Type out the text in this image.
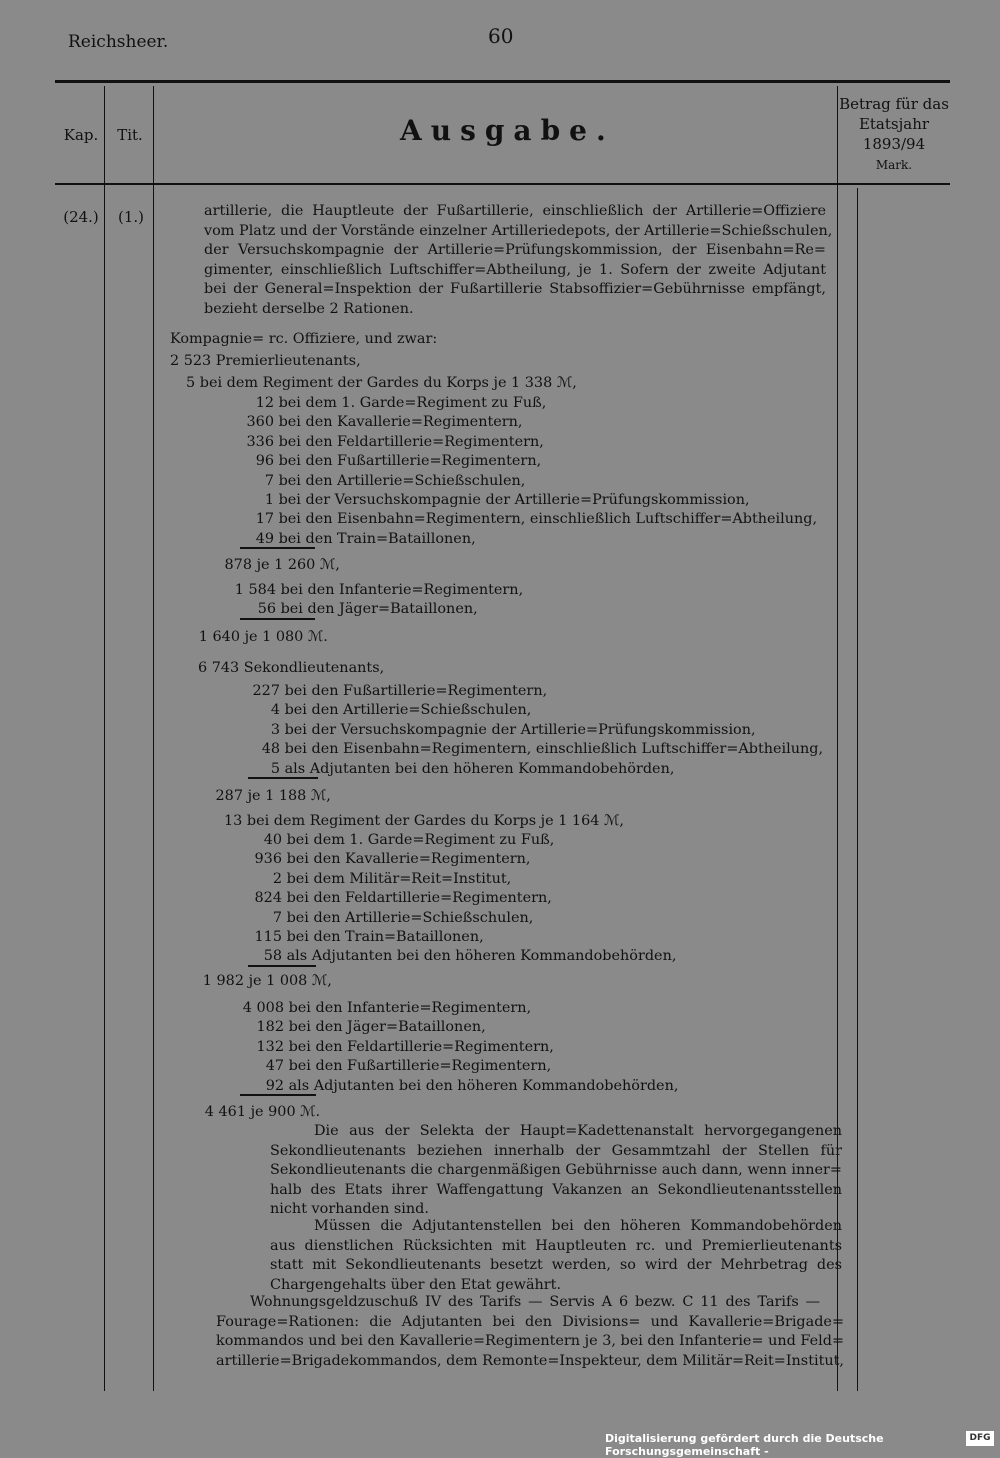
Reichsheer.	60
Kap.	Tit.	Ausgabe.
Betrag für das Etatsjahr 1893/94
Mark.
(24.)	(1.)	artillerie, die Hauptleute der Fußartillerie, einschließlich der Artillerie=Offiziere
vom Platz und der Vorstände einzelner Artilleriedepots, der Artillerie=Schießschulen,
der Versuchskompagnie der Artillerie=Prüfungskommission, der Eisenbahn=Re=
gimenter, einschließlich Luftschiffer=Abtheilung, je 1. Sofern der zweite Adjutant
bei der General=Inspektion der Fußartillerie Stabsoffizier=Gebührnisse empfängt,
bezieht derselbe 2 Rationen.
Kompagnie= rc. Offiziere, und zwar:
2 523 Premierlieutenants,
5 bei dem Regiment der Gardes du Korps je 1 338 ℳ,
12 bei dem 1. Garde=Regiment zu Fuß,
360 bei den Kavallerie=Regimentern,
336 bei den Feldartillerie=Regimentern,
96 bei den Fußartillerie=Regimentern,
7 bei den Artillerie=Schießschulen,
1 bei der Versuchskompagnie der Artillerie=Prüfungskommission,
17 bei den Eisenbahn=Regimentern, einschließlich Luftschiffer=Abtheilung,
49 bei den Train=Bataillonen,
878 je 1 260 ℳ,
1 584 bei den Infanterie=Regimentern,
56 bei den Jäger=Bataillonen,
1 640 je 1 080 ℳ.
6 743 Sekondlieutenants,
227 bei den Fußartillerie=Regimentern,
4 bei den Artillerie=Schießschulen,
3 bei der Versuchskompagnie der Artillerie=Prüfungskommission,
48 bei den Eisenbahn=Regimentern, einschließlich Luftschiffer=Abtheilung,
5 als Adjutanten bei den höheren Kommandobehörden,
287 je 1 188 ℳ,
13 bei dem Regiment der Gardes du Korps je 1 164 ℳ,
40 bei dem 1. Garde=Regiment zu Fuß,
936 bei den Kavallerie=Regimentern,
2 bei dem Militär=Reit=Institut,
824 bei den Feldartillerie=Regimentern,
7 bei den Artillerie=Schießschulen,
115 bei den Train=Bataillonen,
58 als Adjutanten bei den höheren Kommandobehörden,
1 982 je 1 008 ℳ,
4 008 bei den Infanterie=Regimentern,
182 bei den Jäger=Bataillonen,
132 bei den Feldartillerie=Regimentern,
47 bei den Fußartillerie=Regimentern,
92 als Adjutanten bei den höheren Kommandobehörden,
4 461 je 900 ℳ.
Die aus der Selekta der Haupt=Kadettenanstalt hervorgegangenen
Sekondlieutenants beziehen innerhalb der Gesammtzahl der Stellen für
Sekondlieutenants die chargenmäßigen Gebührnisse auch dann, wenn inner=
halb des Etats ihrer Waffengattung Vakanzen an Sekondlieutenantsstellen
nicht vorhanden sind.
Müssen die Adjutantenstellen bei den höheren Kommandobehörden
aus dienstlichen Rücksichten mit Hauptleuten rc. und Premierlieutenants
statt mit Sekondlieutenants besetzt werden, so wird der Mehrbetrag des
Chargengehalts über den Etat gewährt.
Wohnungsgeldzuschuß IV des Tarifs — Servis A 6 bezw. C 11 des Tarifs —
Fourage=Rationen: die Adjutanten bei den Divisions= und Kavallerie=Brigade=
kommandos und bei den Kavallerie=Regimentern je 3, bei den Infanterie= und Feld=
artillerie=Brigadekommandos, dem Remonte=Inspekteur, dem Militär=Reit=Institut,
Digitalisierung gefördert durch die Deutsche Forschungsgemeinschaft -
DFG
